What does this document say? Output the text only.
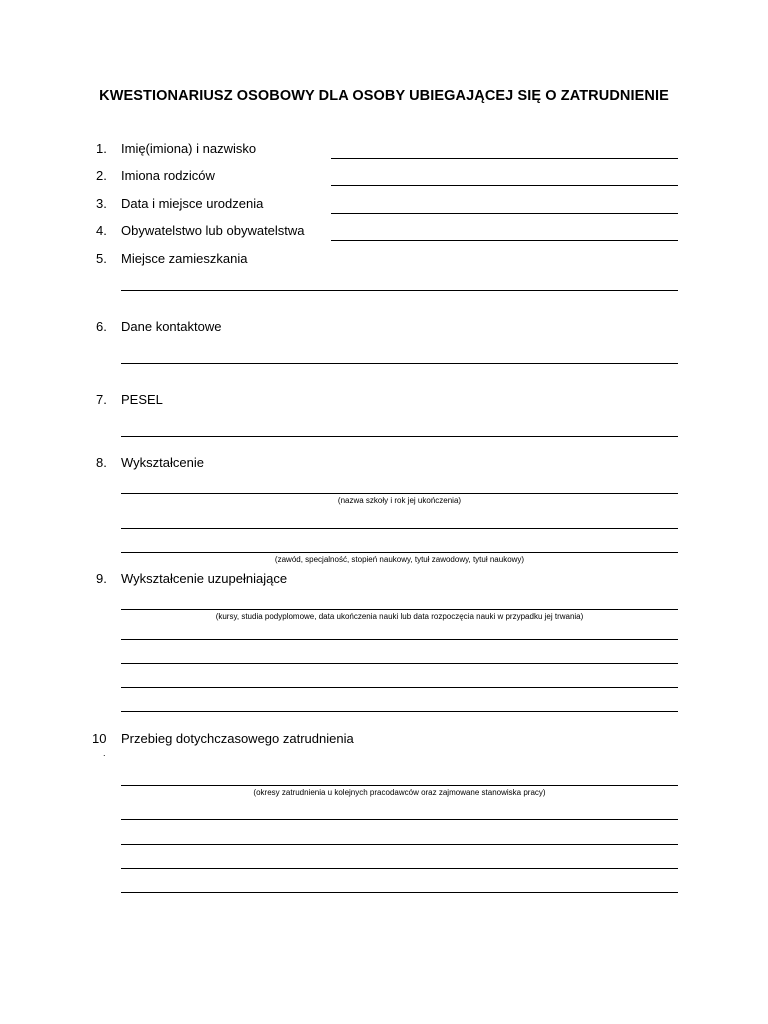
KWESTIONARIUSZ OSOBOWY DLA OSOBY UBIEGAJĄCEJ SIĘ O ZATRUDNIENIE
1. Imię(imiona) i nazwisko
2. Imiona rodziców
3. Data i miejsce urodzenia
4. Obywatelstwo lub obywatelstwa
5. Miejsce zamieszkania
6. Dane kontaktowe
7. PESEL
8. Wykształcenie
(nazwa szkoły i rok jej ukończenia)
(zawód, specjalność, stopień naukowy, tytuł zawodowy, tytuł naukowy)
9. Wykształcenie uzupełniające
(kursy, studia podyplomowe, data ukończenia nauki lub data rozpoczęcia nauki w przypadku jej trwania)
10
.
Przebieg dotychczasowego zatrudnienia
(okresy zatrudnienia u kolejnych pracodawców oraz zajmowane stanowiska pracy)
